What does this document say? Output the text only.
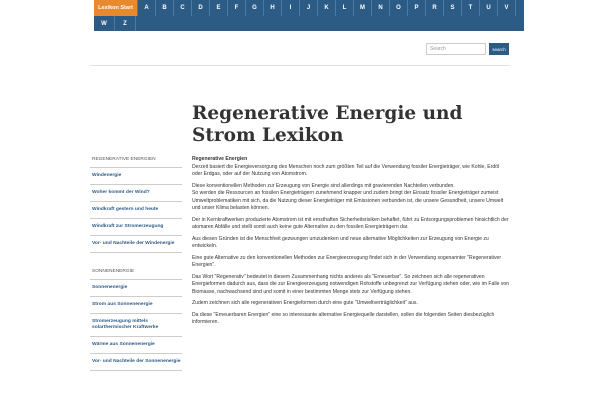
Lexikon Start	A	B	C	D	E	F	G	H	I	J	K	L	M	N	O	P	R	S	T	U	V
W	Z
Search	search
Regenerative Energie und Strom Lexikon
REGENERATIVE ENERGIEN
Windenergie
Woher kommt der Wind?
Windkraft gestern und heute
Windkraft zur Stromerzeugung
Vor- und Nachteile der Windenergie
SONNENENERGIE
Sonnenenergie
Strom aus Sonnenenergie
Stromerzeugung mittels solarthermischer Kraftwerke
Wärme aus Sonnenenergie
Vor- und Nachteile der Sonnenenergie

Regenerative Energien

Derzeit basiert die Energieversorgung des Menschen noch zum größten Teil auf die Verwendung fossiler Energieträger, wie Kohle, Erdöl oder Erdgas, oder auf der Nutzung von Atomstrom.

Diese konventionellen Methoden zur Erzeugung von Energie sind allerdings mit gravierenden Nachteilen verbunden.
So werden die Ressourcen an fossilen Energieträgern zunehmend knapper und zudem bringt der Einsatz fossiler Energieträger zumeist Umweltproblematiken mit sich, da die Nutzung dieser Energieträger mit Emissionen verbunden ist, die unsere Gesundheit, unsere Umwelt und unser Klima belasten können.

Der in Kernkraftwerken produzierte Atomstrom ist mit ernsthaften Sicherheitsrisiken behaftet, führt zu Entsorgungsproblemen hinsichtlich der atomaren Abfälle und stellt somit auch keine gute Alternative zu den fossilen Energieträgern dar.

Aus diesen Gründen ist die Menschheit gezwungen umzudenken und neue alternative Möglichkeiten zur Erzeugung von Energie zu entwickeln.

Eine gute Alternative zu den konventionellen Methoden zur Energieerzeugung findet sich in der Verwendung sogenannter "Regenerativer Energien".

Das Wort "Regenerativ" bedeutet in diesem Zusammenhang nichts anderes als "Erneuerbar". So zeichnen sich alle regenerativen Energieformen dadurch aus, dass die zur Energieerzeugung notwendigen Rohstoffe unbegrenzt zur Verfügung stehen oder, wie im Falle von Biomasse, nachwachsend sind und somit in einer bestimmten Menge stets zur Verfügung stehen.

Zudem zeichnen sich alle regenerativen Energieformen durch eine gute "Umweltverträglichkeit" aus.

Da diese "Erneuerbaren Energien" eine so interessante alternative Energiequelle darstellen, sollen die folgenden Seiten diesbezüglich informieren.
